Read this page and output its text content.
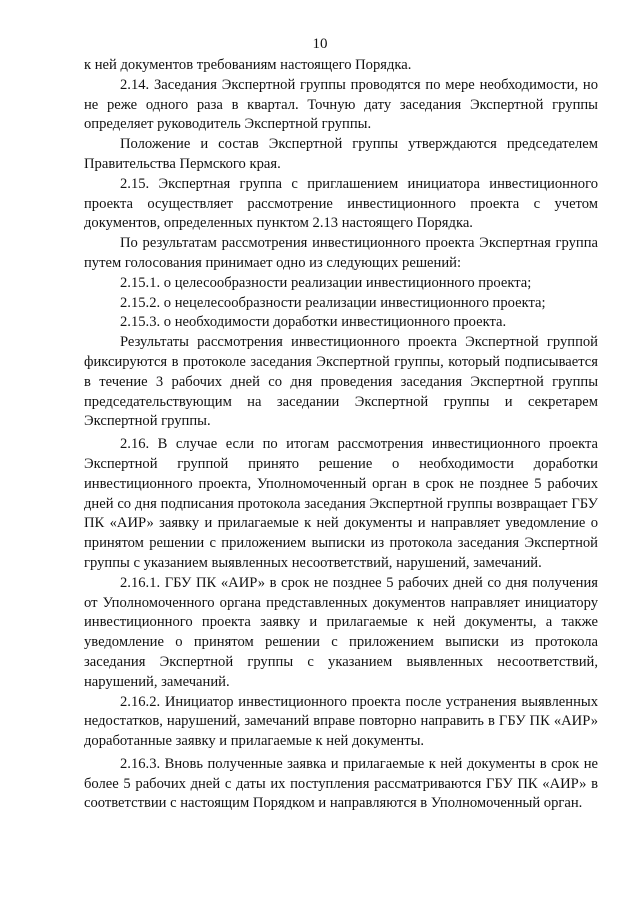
10

к ней документов требованиям настоящего Порядка.

2.14. Заседания Экспертной группы проводятся по мере необходимости, но не реже одного раза в квартал. Точную дату заседания Экспертной группы определяет руководитель Экспертной группы.

Положение и состав Экспертной группы утверждаются председателем Правительства Пермского края.

2.15. Экспертная группа с приглашением инициатора инвестиционного проекта осуществляет рассмотрение инвестиционного проекта с учетом документов, определенных пунктом 2.13 настоящего Порядка.

По результатам рассмотрения инвестиционного проекта Экспертная группа путем голосования принимает одно из следующих решений:

2.15.1. о целесообразности реализации инвестиционного проекта;

2.15.2. о нецелесообразности реализации инвестиционного проекта;

2.15.3. о необходимости доработки инвестиционного проекта.

Результаты рассмотрения инвестиционного проекта Экспертной группой фиксируются в протоколе заседания Экспертной группы, который подписывается в течение 3 рабочих дней со дня проведения заседания Экспертной группы председательствующим на заседании Экспертной группы и секретарем Экспертной группы.

2.16. В случае если по итогам рассмотрения инвестиционного проекта Экспертной группой принято решение о необходимости доработки инвестиционного проекта, Уполномоченный орган в срок не позднее 5 рабочих дней со дня подписания протокола заседания Экспертной группы возвращает ГБУ ПК «АИР» заявку и прилагаемые к ней документы и направляет уведомление о принятом решении с приложением выписки из протокола заседания Экспертной группы с указанием выявленных несоответствий, нарушений, замечаний.

2.16.1. ГБУ ПК «АИР» в срок не позднее 5 рабочих дней со дня получения от Уполномоченного органа представленных документов направляет инициатору инвестиционного проекта заявку и прилагаемые к ней документы, а также уведомление о принятом решении с приложением выписки из протокола заседания Экспертной группы с указанием выявленных несоответствий, нарушений, замечаний.

2.16.2. Инициатор инвестиционного проекта после устранения выявленных недостатков, нарушений, замечаний вправе повторно направить в ГБУ ПК «АИР» доработанные заявку и прилагаемые к ней документы.

2.16.3. Вновь полученные заявка и прилагаемые к ней документы в срок не более 5 рабочих дней с даты их поступления рассматриваются ГБУ ПК «АИР» в соответствии с настоящим Порядком и направляются в Уполномоченный орган.
